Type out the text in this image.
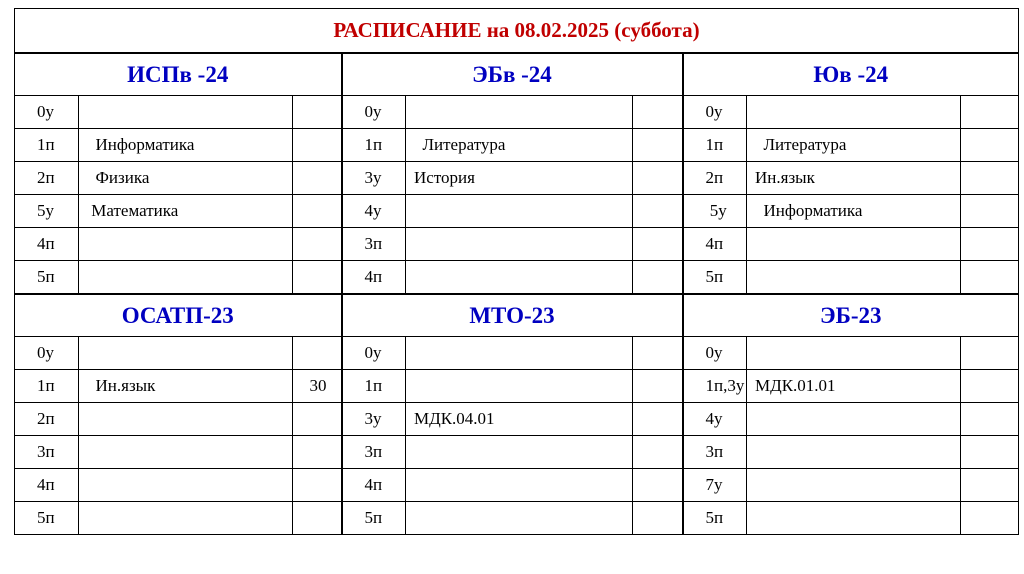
РАСПИСАНИЕ на 08.02.2025 (суббота)								
ИСПв -24			ЭБв -24			Юв -24		
0у			0у			0у		
1п	Информатика		1п	Литература		1п	Литература	
2п	Физика		3у	История		2п	Ин.язык	
5у	Математика		4у			5у	Информатика	
4п			3п			4п		
5п			4п			5п		
ОСАТП-23			МТО-23			ЭБ-23		
0у			0у			0у		
1п	Ин.язык	30	1п			1п,3у	МДК.01.01	
2п			3у	МДК.04.01		4у		
3п			3п			3п		
4п			4п			7у		
5п			5п			5п		
